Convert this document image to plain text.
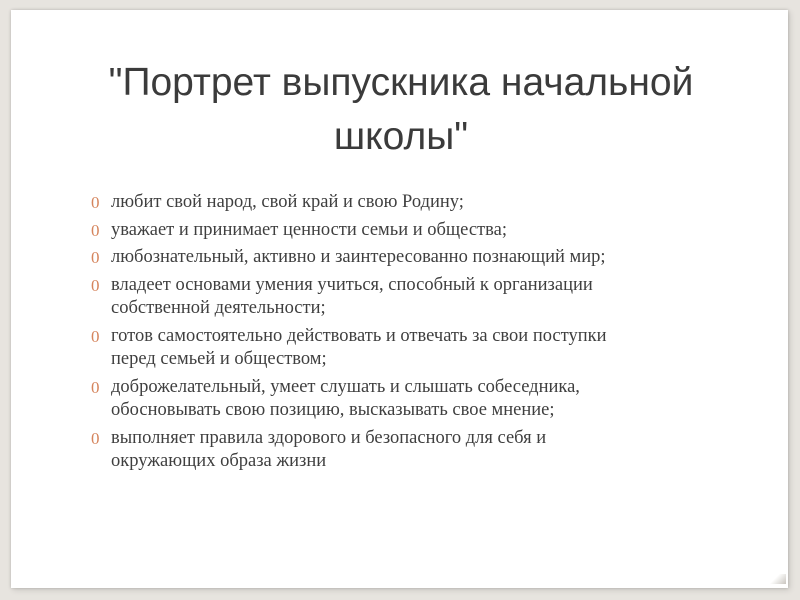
"Портрет выпускника начальной
школы"
0 любит свой народ, свой край и свою Родину;
0 уважает и принимает ценности семьи и общества;
0 любознательный, активно и заинтересованно познающий мир;
0 владеет основами умения учиться, способный к организации
собственной деятельности;
0 готов самостоятельно действовать и отвечать за свои поступки
перед семьей и обществом;
0 доброжелательный, умеет слушать и слышать собеседника,
обосновывать свою позицию, высказывать свое мнение;
0 выполняет правила здорового и безопасного для себя и
окружающих образа жизни
